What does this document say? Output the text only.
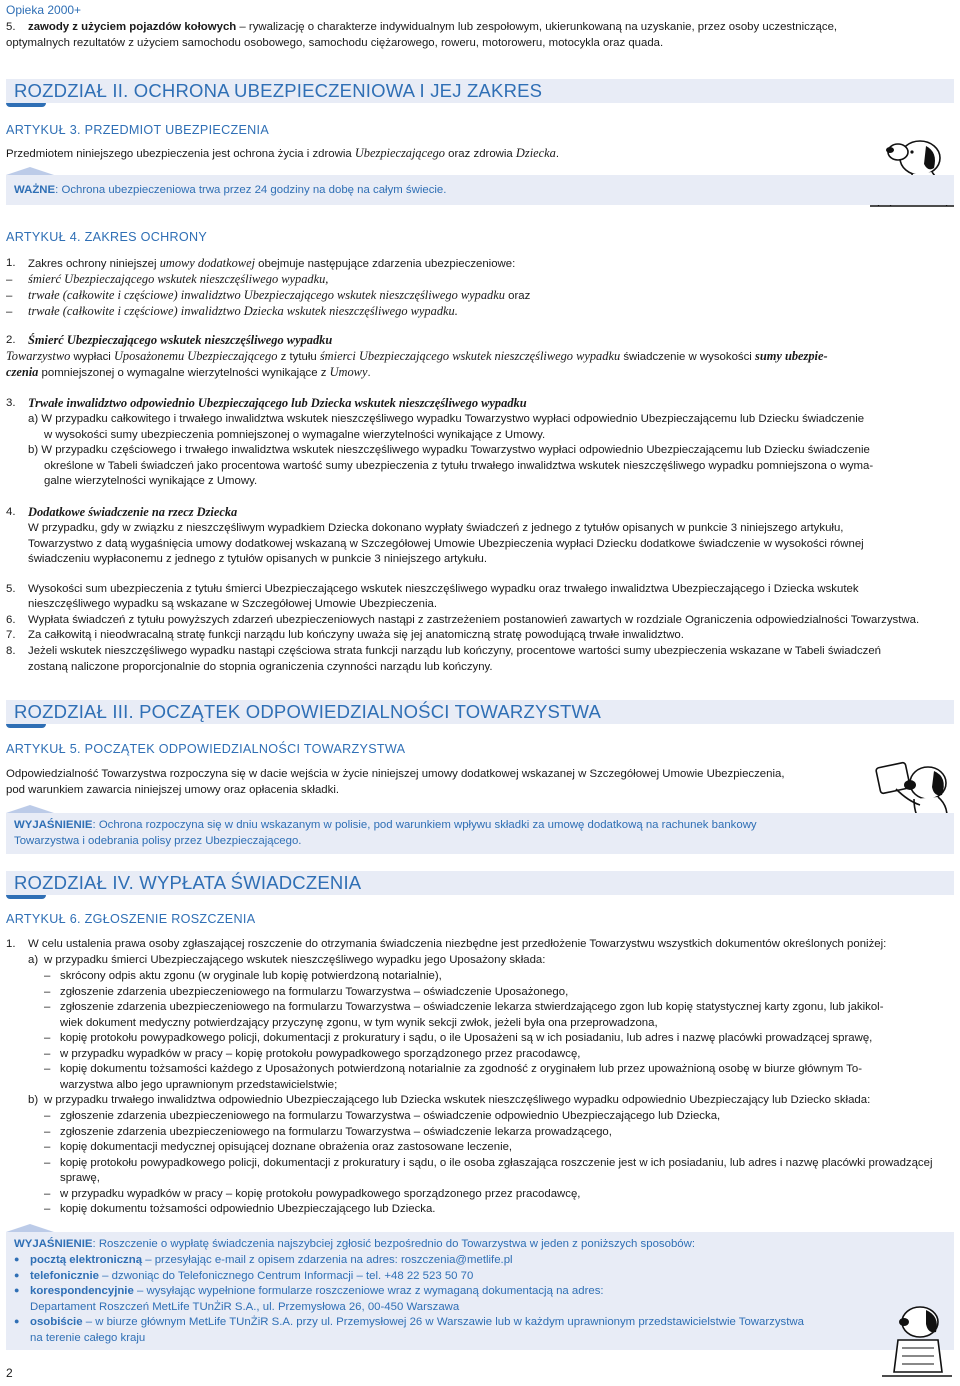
Opieka 2000+
5.	zawody z użyciem pojazdów kołowych – rywalizację o charakterze indywidualnym lub zespołowym, ukierunkowaną na uzyskanie, przez osoby uczestniczące,
optymalnych rezultatów z użyciem samochodu osobowego, samochodu ciężarowego, roweru, motoroweru, motocykla oraz quada.
ROZDZIAŁ II. OCHRONA UBEZPIECZENIOWA I JEJ ZAKRES
ARTYKUŁ 3. PRZEDMIOT UBEZPIECZENIA
Przedmiotem niniejszego ubezpieczenia jest ochrona życia i zdrowia Ubezpieczającego oraz zdrowia Dziecka.
WAŻNE: Ochrona ubezpieczeniowa trwa przez 24 godziny na dobę na całym świecie.
ARTYKUŁ 4. ZAKRES OCHRONY
1.	Zakres ochrony niniejszej umowy dodatkowej obejmuje następujące zdarzenia ubezpieczeniowe:
– śmierć Ubezpieczającego wskutek nieszczęśliwego wypadku,
– trwałe (całkowite i częściowe) inwalidztwo Ubezpieczającego wskutek nieszczęśliwego wypadku oraz
– trwałe (całkowite i częściowe) inwalidztwo Dziecka wskutek nieszczęśliwego wypadku.
2.	Śmierć Ubezpieczającego wskutek nieszczęśliwego wypadku
Towarzystwo wypłaci Uposażonemu Ubezpieczającego z tytułu śmierci Ubezpieczającego wskutek nieszczęśliwego wypadku świadczenie w wysokości sumy ubezpie-
czenia pomniejszonej o wymagalne wierzytelności wynikające z Umowy.
3.	Trwałe inwalidztwo odpowiednio Ubezpieczającego lub Dziecka wskutek nieszczęśliwego wypadku
a) W przypadku całkowitego i trwałego inwalidztwa wskutek nieszczęśliwego wypadku Towarzystwo wypłaci odpowiednio Ubezpieczającemu lub Dziecku świadczenie
w wysokości sumy ubezpieczenia pomniejszonej o wymagalne wierzytelności wynikające z Umowy.
b) W przypadku częściowego i trwałego inwalidztwa wskutek nieszczęśliwego wypadku Towarzystwo wypłaci odpowiednio Ubezpieczającemu lub Dziecku świadczenie
określone w Tabeli świadczeń jako procentowa wartość sumy ubezpieczenia z tytułu trwałego inwalidztwa wskutek nieszczęśliwego wypadku pomniejszona o wyma-
galne wierzytelności wynikające z Umowy.
4.	Dodatkowe świadczenie na rzecz Dziecka
W przypadku, gdy w związku z nieszczęśliwym wypadkiem Dziecka dokonano wypłaty świadczeń z jednego z tytułów opisanych w punkcie 3 niniejszego artykułu,
Towarzystwo z datą wygaśnięcia umowy dodatkowej wskazaną w Szczegółowej Umowie Ubezpieczenia wypłaci Dziecku dodatkowe świadczenie w wysokości równej
świadczeniu wypłaconemu z jednego z tytułów opisanych w punkcie 3 niniejszego artykułu.
5.	Wysokości sum ubezpieczenia z tytułu śmierci Ubezpieczającego wskutek nieszczęśliwego wypadku oraz trwałego inwalidztwa Ubezpieczającego i Dziecka wskutek
nieszczęśliwego wypadku są wskazane w Szczegółowej Umowie Ubezpieczenia.
6.	Wypłata świadczeń z tytułu powyższych zdarzeń ubezpieczeniowych nastąpi z zastrzeżeniem postanowień zawartych w rozdziale Ograniczenia odpowiedzialności Towarzystwa.
7.	Za całkowitą i nieodwracalną stratę funkcji narządu lub kończyny uważa się jej anatomiczną stratę powodującą trwałe inwalidztwo.
8.	Jeżeli wskutek nieszczęśliwego wypadku nastąpi częściowa strata funkcji narządu lub kończyny, procentowe wartości sumy ubezpieczenia wskazane w Tabeli świadczeń
zostaną naliczone proporcjonalnie do stopnia ograniczenia czynności narządu lub kończyny.
ROZDZIAŁ III. POCZĄTEK ODPOWIEDZIALNOŚCI TOWARZYSTWA
ARTYKUŁ 5. POCZĄTEK ODPOWIEDZIALNOŚCI TOWARZYSTWA
Odpowiedzialność Towarzystwa rozpoczyna się w dacie wejścia w życie niniejszej umowy dodatkowej wskazanej w Szczegółowej Umowie Ubezpieczenia,
pod warunkiem zawarcia niniejszej umowy oraz opłacenia składki.
WYJAŚNIENIE: Ochrona rozpoczyna się w dniu wskazanym w polisie, pod warunkiem wpływu składki za umowę dodatkową na rachunek bankowy
Towarzystwa i odebrania polisy przez Ubezpieczającego.
ROZDZIAŁ IV. WYPŁATA ŚWIADCZENIA
ARTYKUŁ 6. ZGŁOSZENIE ROSZCZENIA
1.	W celu ustalenia prawa osoby zgłaszającej roszczenie do otrzymania świadczenia niezbędne jest przedłożenie Towarzystwu wszystkich dokumentów określonych poniżej:
a) w przypadku śmierci Ubezpieczającego wskutek nieszczęśliwego wypadku jego Uposażony składa:
– skrócony odpis aktu zgonu (w oryginale lub kopię potwierdzoną notarialnie),
– zgłoszenie zdarzenia ubezpieczeniowego na formularzu Towarzystwa – oświadczenie Uposażonego,
– zgłoszenie zdarzenia ubezpieczeniowego na formularzu Towarzystwa – oświadczenie lekarza stwierdzającego zgon lub kopię statystycznej karty zgonu, lub jakikol-
wiek dokument medyczny potwierdzający przyczynę zgonu, w tym wynik sekcji zwłok, jeżeli była ona przeprowadzona,
– kopię protokołu powypadkowego policji, dokumentacji z prokuratury i sądu, o ile Uposażeni są w ich posiadaniu, lub adres i nazwę placówki prowadzącej sprawę,
– w przypadku wypadków w pracy – kopię protokołu powypadkowego sporządzonego przez pracodawcę,
– kopię dokumentu tożsamości każdego z Uposażonych potwierdzoną notarialnie za zgodność z oryginałem lub przez upoważnioną osobę w biurze głównym To-
warzystwa albo jego uprawnionym przedstawicielstwie;
b) w przypadku trwałego inwalidztwa odpowiednio Ubezpieczającego lub Dziecka wskutek nieszczęśliwego wypadku odpowiednio Ubezpieczający lub Dziecko składa:
– zgłoszenie zdarzenia ubezpieczeniowego na formularzu Towarzystwa – oświadczenie odpowiednio Ubezpieczającego lub Dziecka,
– zgłoszenie zdarzenia ubezpieczeniowego na formularzu Towarzystwa – oświadczenie lekarza prowadzącego,
– kopię dokumentacji medycznej opisującej doznane obrażenia oraz zastosowane leczenie,
– kopię protokołu powypadkowego policji, dokumentacji z prokuratury i sądu, o ile osoba zgłaszająca roszczenie jest w ich posiadaniu, lub adres i nazwę placówki prowadzącej
sprawę,
– w przypadku wypadków w pracy – kopię protokołu powypadkowego sporządzonego przez pracodawcę,
– kopię dokumentu tożsamości odpowiednio Ubezpieczającego lub Dziecka.
WYJAŚNIENIE: Roszczenie o wypłatę świadczenia najszybciej zgłosić bezpośrednio do Towarzystwa w jeden z poniższych sposobów:
● pocztą elektroniczną – przesyłając e-mail z opisem zdarzenia na adres: roszczenia@metlife.pl
● telefonicznie – dzwoniąc do Telefonicznego Centrum Informacji – tel. +48 22 523 50 70
● korespondencyjnie – wysyłając wypełnione formularze roszczeniowe wraz z wymaganą dokumentacją na adres:
Departament Roszczeń MetLife TUnŻiR S.A., ul. Przemysłowa 26, 00-450 Warszawa
● osobiście – w biurze głównym MetLife TUnŻiR S.A. przy ul. Przemysłowej 26 w Warszawie lub w każdym uprawnionym przedstawicielstwie Towarzystwa
na terenie całego kraju
2
